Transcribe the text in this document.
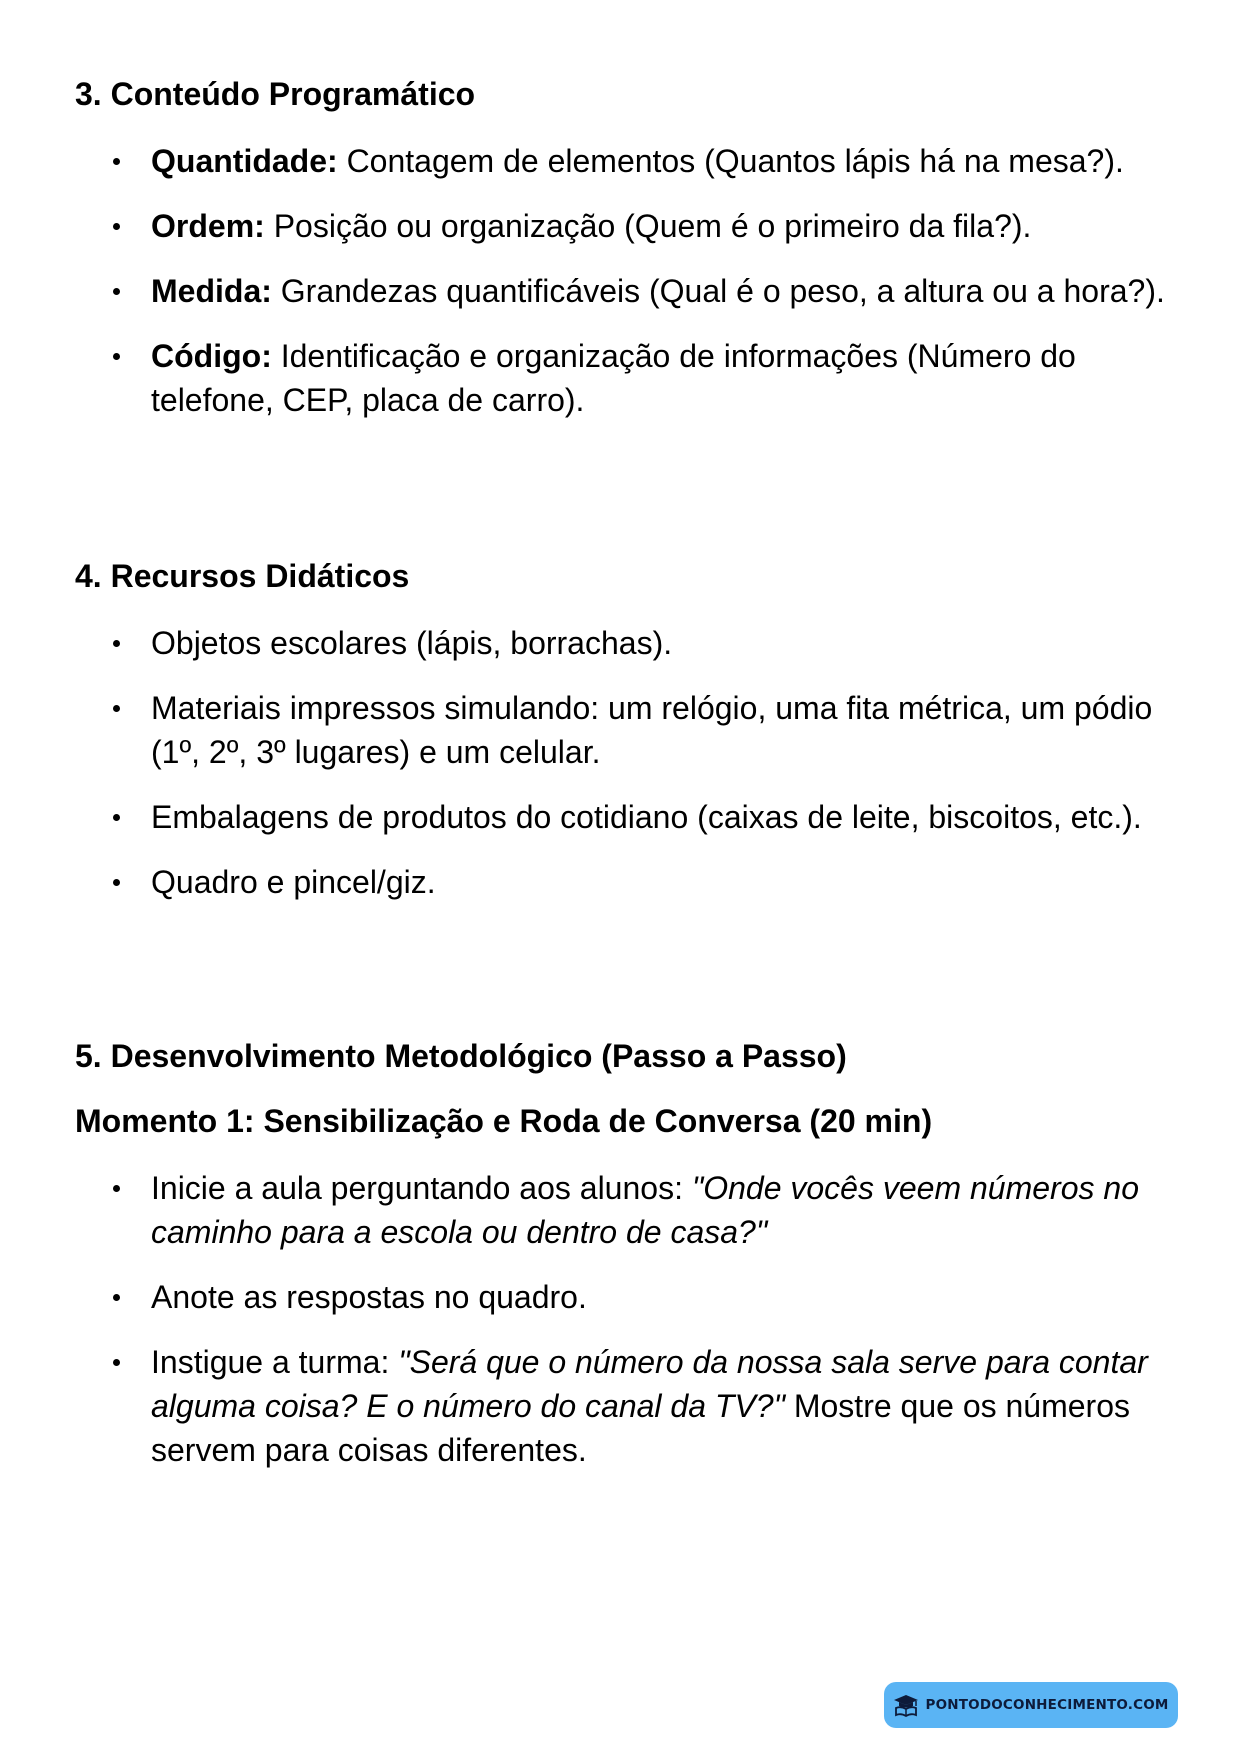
3. Conteúdo Programático
Quantidade: Contagem de elementos (Quantos lápis há na mesa?).
Ordem: Posição ou organização (Quem é o primeiro da fila?).
Medida: Grandezas quantificáveis (Qual é o peso, a altura ou a hora?).
Código: Identificação e organização de informações (Número do telefone, CEP, placa de carro).
4. Recursos Didáticos
Objetos escolares (lápis, borrachas).
Materiais impressos simulando: um relógio, uma fita métrica, um pódio (1º, 2º, 3º lugares) e um celular.
Embalagens de produtos do cotidiano (caixas de leite, biscoitos, etc.).
Quadro e pincel/giz.
5. Desenvolvimento Metodológico (Passo a Passo)
Momento 1: Sensibilização e Roda de Conversa (20 min)
Inicie a aula perguntando aos alunos: "Onde vocês veem números no caminho para a escola ou dentro de casa?"
Anote as respostas no quadro.
Instigue a turma: "Será que o número da nossa sala serve para contar alguma coisa? E o número do canal da TV?" Mostre que os números servem para coisas diferentes.
PONTODOCONHECIMENTO.COM
